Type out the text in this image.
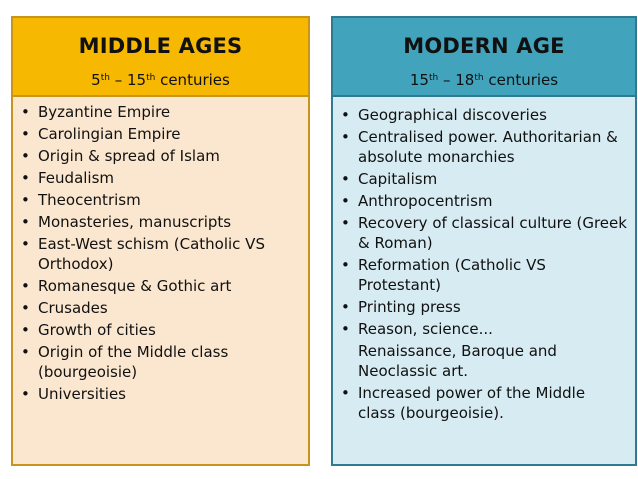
MIDDLE AGES
5th – 15th centuries
• Byzantine Empire
• Carolingian Empire
• Origin & spread of Islam
• Feudalism
• Theocentrism
• Monasteries, manuscripts
• East-West schism (Catholic VS
Orthodox)
• Romanesque & Gothic art
• Crusades
• Growth of cities
• Origin of the Middle class
(bourgeoisie)
• Universities
MODERN AGE
15th – 18th centuries
• Geographical discoveries
• Centralised power. Authoritarian &
absolute monarchies
• Capitalism
• Anthropocentrism
• Recovery of classical culture (Greek
& Roman)
• Reformation (Catholic VS
Protestant)
• Printing press
• Reason, science...
Renaissance, Baroque and
Neoclassic art.
• Increased power of the Middle
class (bourgeoisie).
